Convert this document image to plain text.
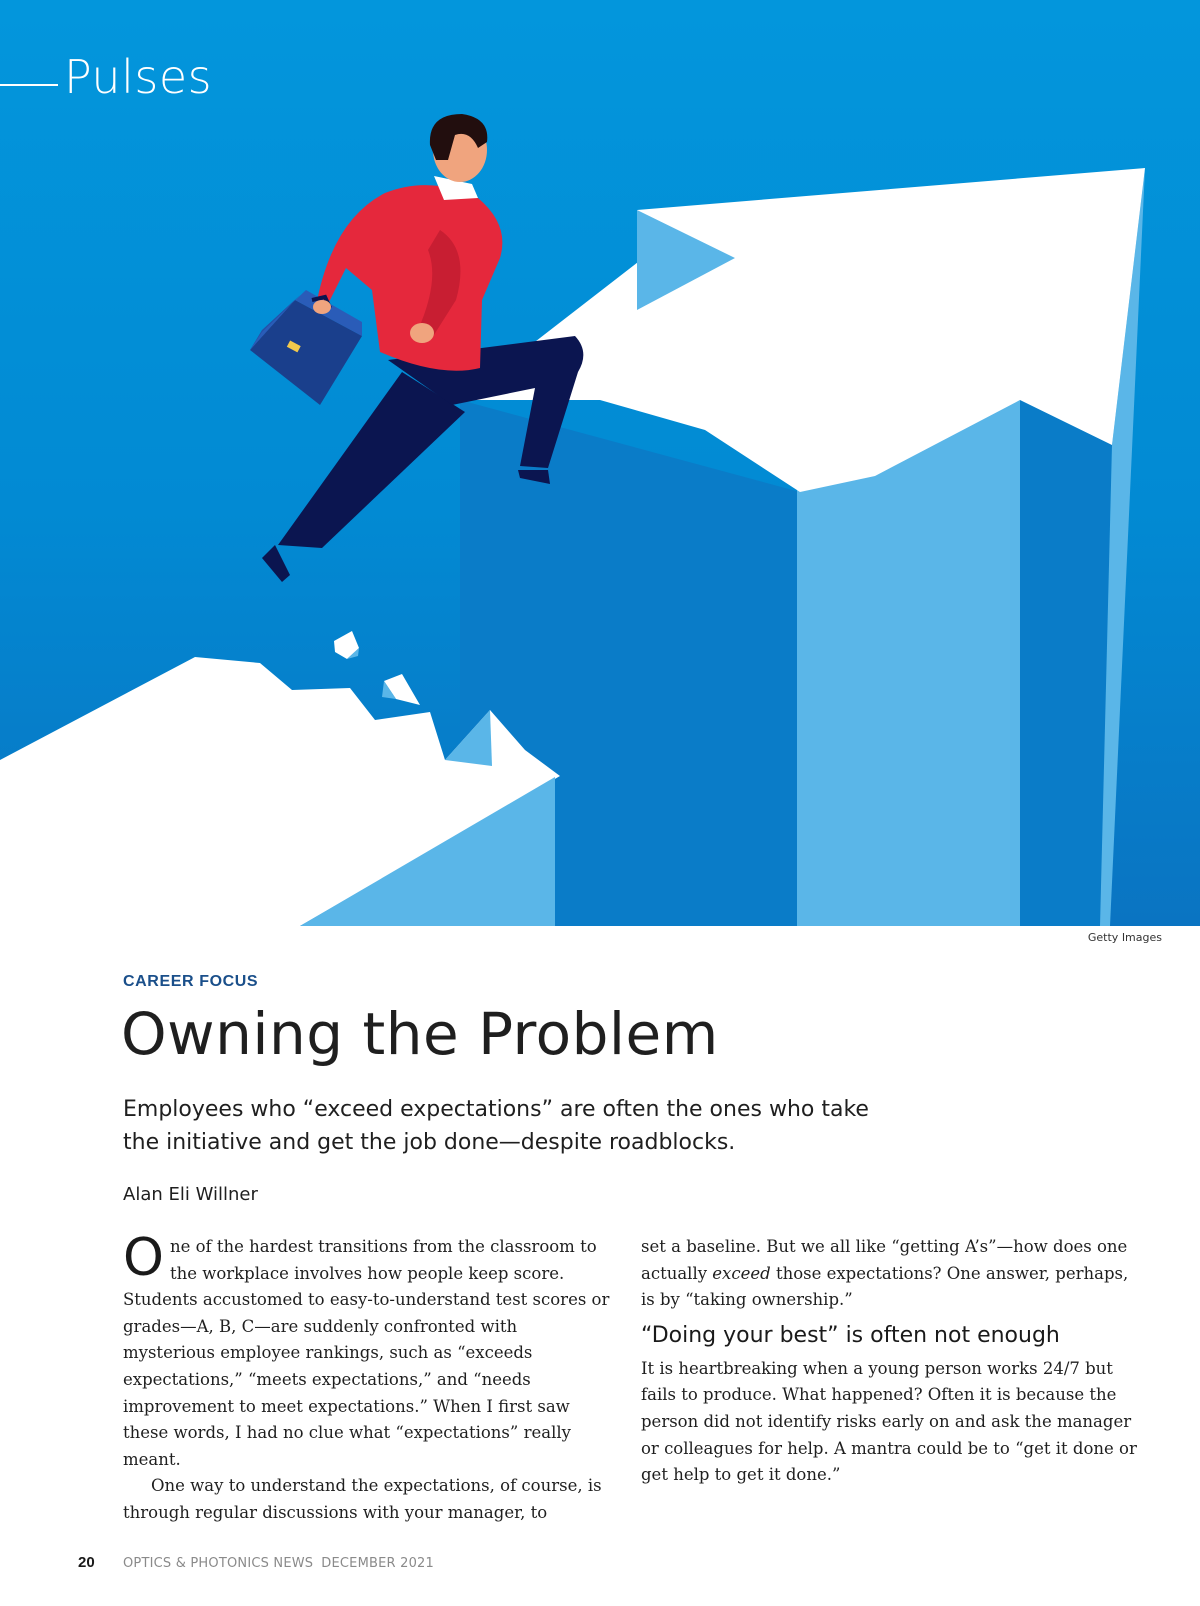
Pulses
Getty Images
CAREER FOCUS
Owning the Problem

Employees who “exceed expectations” are often the ones who take the initiative and get the job done—despite roadblocks.

Alan Eli Willner

One of the hardest transitions from the classroom to the workplace involves how people keep score. Students accustomed to easy-to-understand test scores or grades—A, B, C—are suddenly confronted with mysterious employee rankings, such as “exceeds expectations,” “meets expectations,” and “needs improvement to meet expectations.” When I first saw these words, I had no clue what “expectations” really meant.

One way to understand the expectations, of course, is through regular discussions with your manager, to

set a baseline. But we all like “getting A’s”—how does one actually exceed those expectations? One answer, perhaps, is by “taking ownership.”

“Doing your best” is often not enough

It is heartbreaking when a young person works 24/7 but fails to produce. What happened? Often it is because the person did not identify risks early on and ask the manager or colleagues for help. A mantra could be to “get it done or get help to get it done.”

20	OPTICS & PHOTONICS NEWS DECEMBER 2021
